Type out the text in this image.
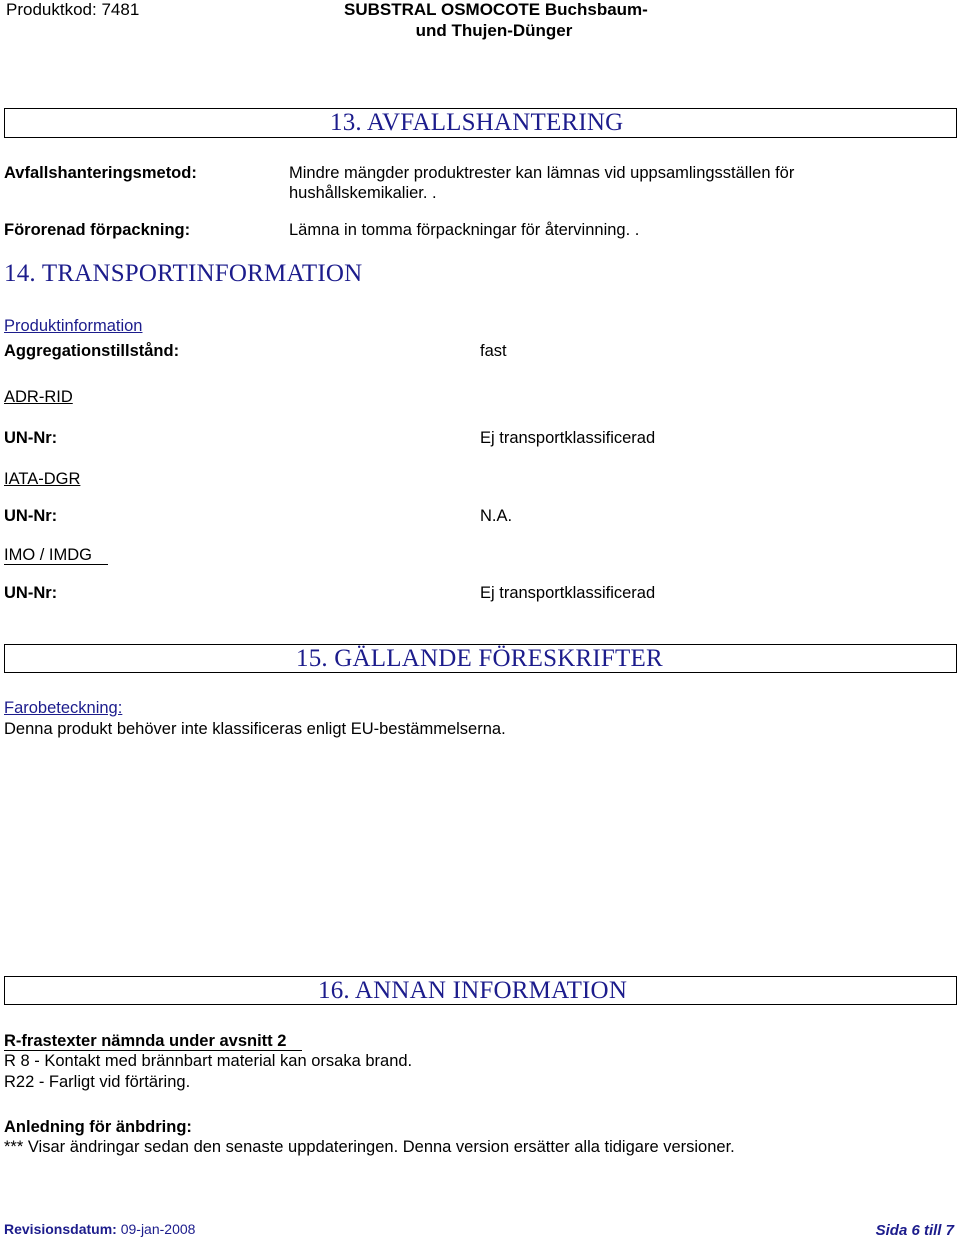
Produktkod: 7481	SUBSTRAL OSMOCOTE Buchsbaum-
und Thujen-Dünger
13. AVFALLSHANTERING
Avfallshanteringsmetod:	Mindre mängder produktrester kan lämnas vid uppsamlingsställen för
hushållskemikalier. .
Förorenad förpackning:	Lämna in tomma förpackningar för återvinning. .
14. TRANSPORTINFORMATION
Produktinformation
Aggregationstillstånd:	fast
ADR-RID
UN-Nr:	Ej transportklassificerad
IATA-DGR
UN-Nr:	N.A.
IMO / IMDG
UN-Nr:	Ej transportklassificerad
15. GÄLLANDE FÖRESKRIFTER
Farobeteckning:
Denna produkt behöver inte klassificeras enligt EU-bestämmelserna.
16. ANNAN INFORMATION
R-frastexter nämnda under avsnitt 2
R 8 - Kontakt med brännbart material kan orsaka brand.
R22 - Farligt vid förtäring.
Anledning för änbdring:
*** Visar ändringar sedan den senaste uppdateringen. Denna version ersätter alla tidigare versioner.
Revisionsdatum: 09-jan-2008	Sida 6 till 7
